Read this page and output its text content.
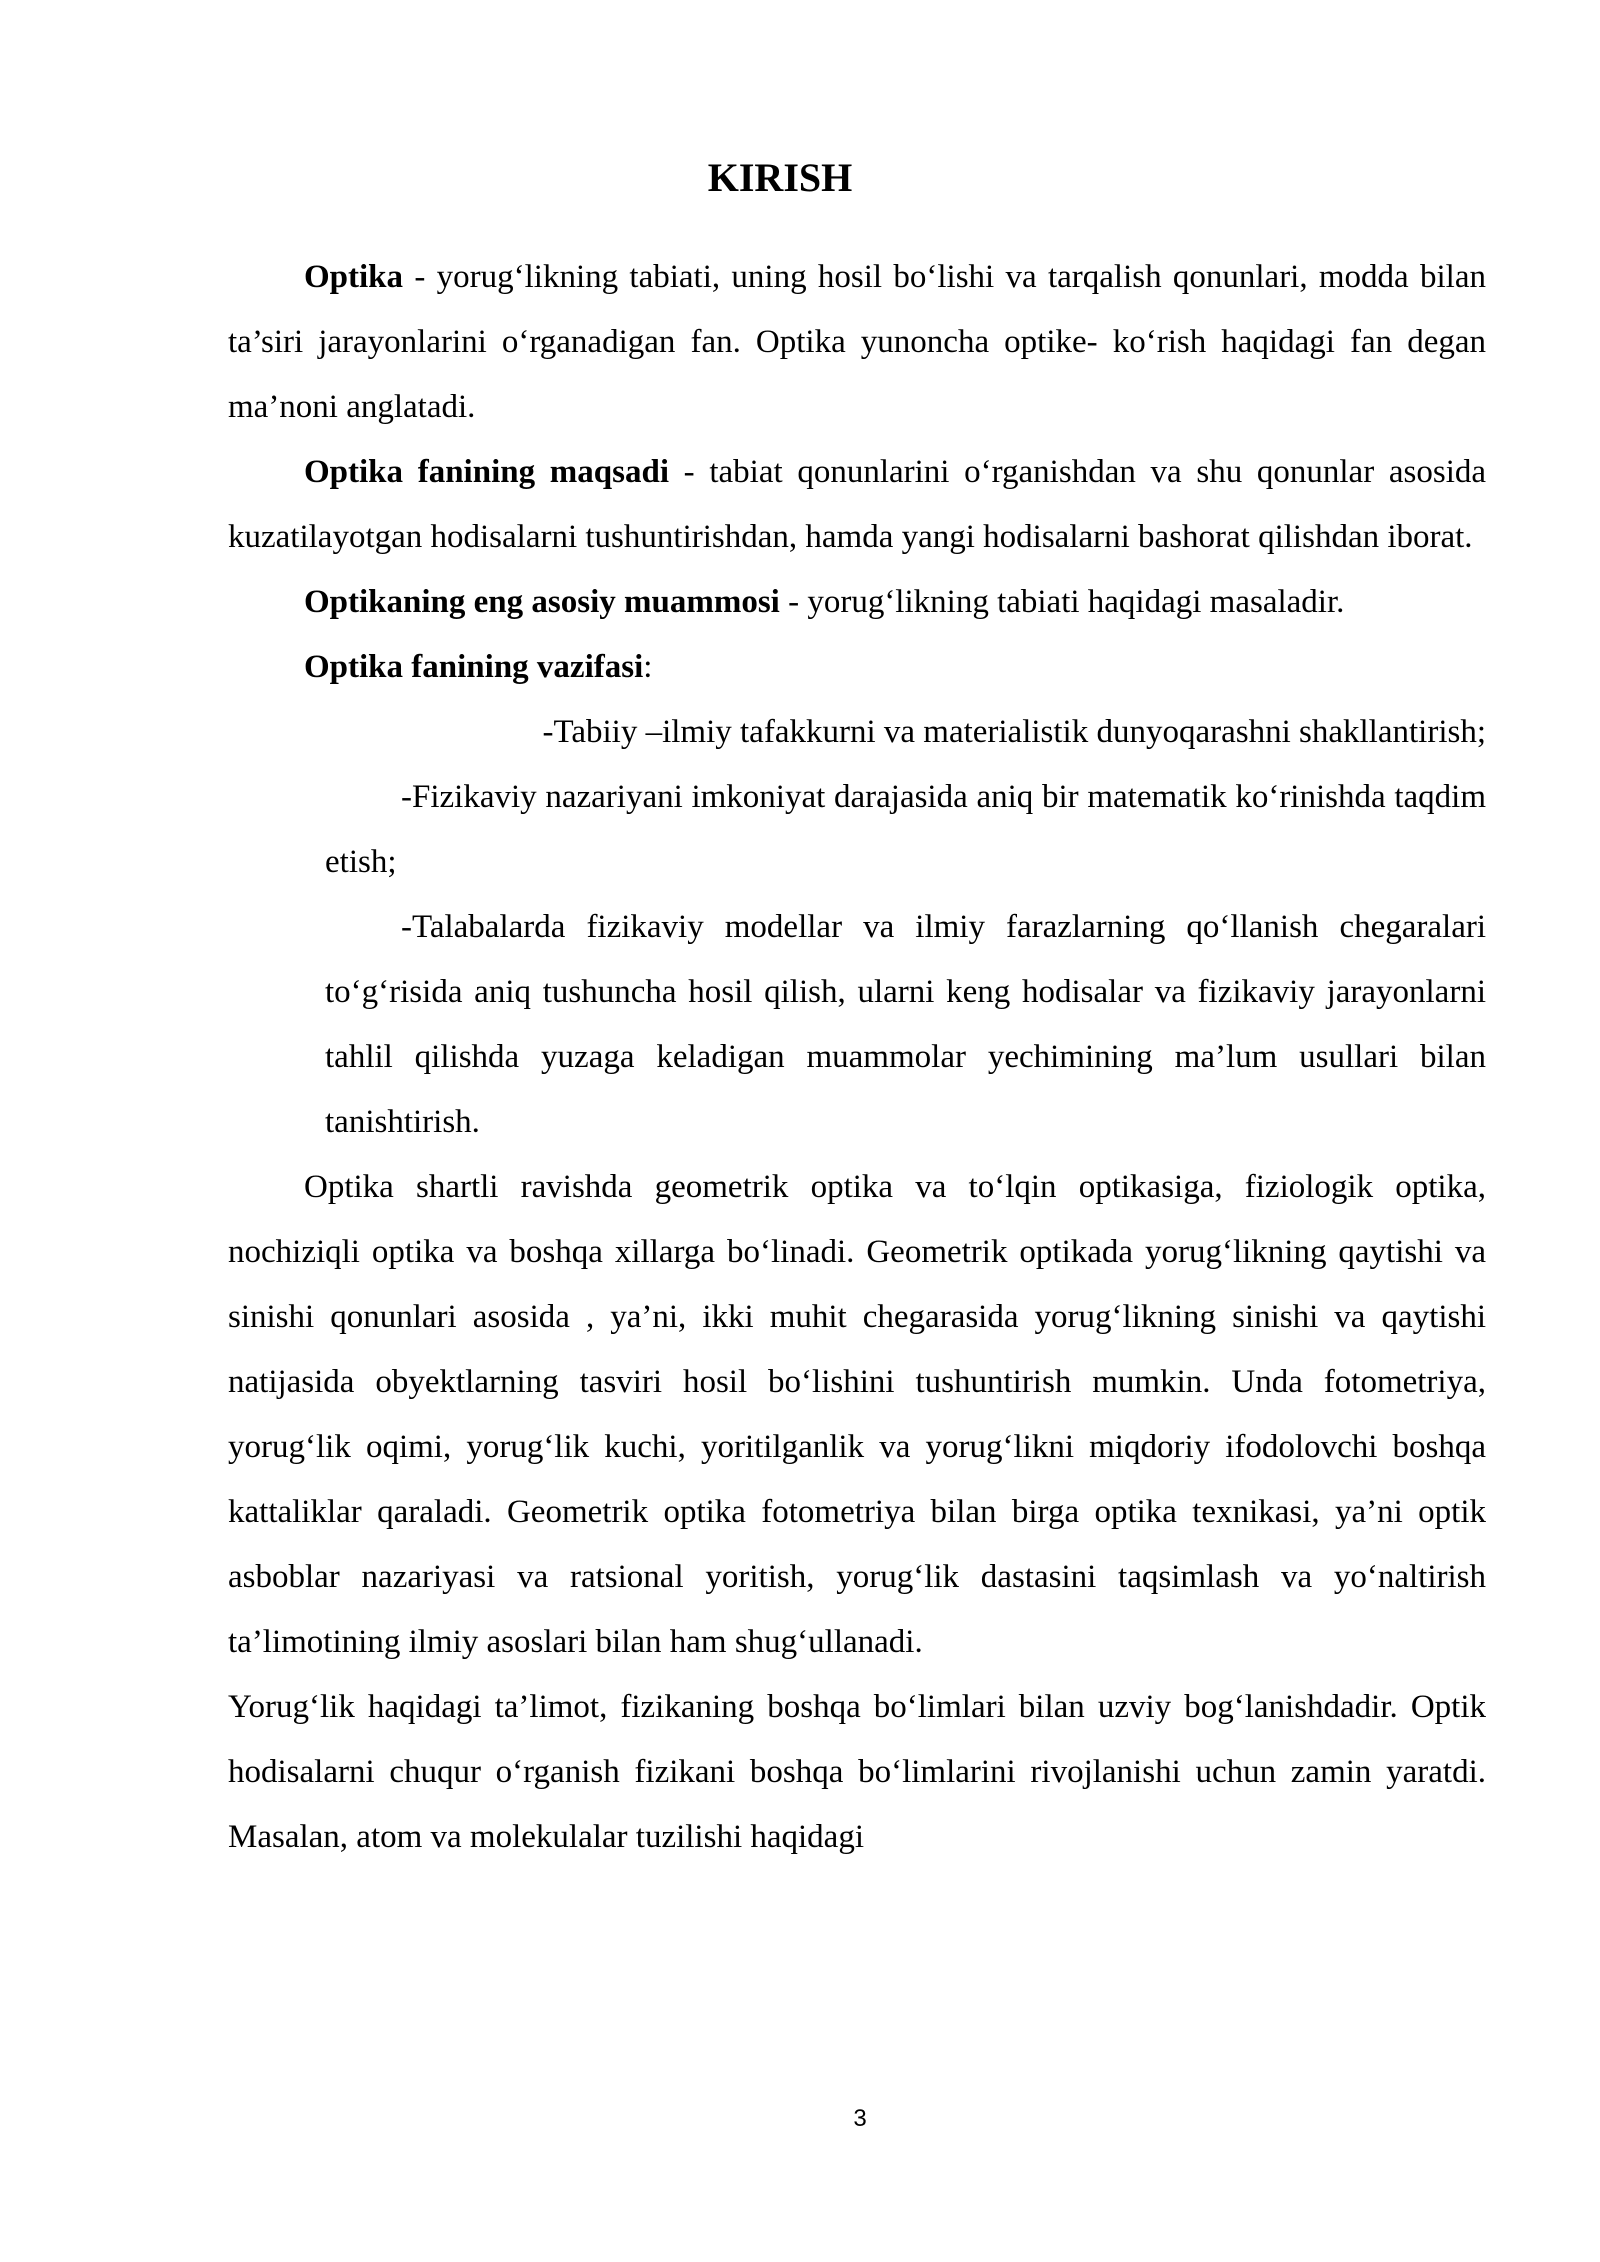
KIRISH

Optika - yorug‘likning tabiati, uning hosil bo‘lishi va tarqalish qonunlari, modda bilan ta’siri jarayonlarini o‘rganadigan fan. Optika yunoncha optike- ko‘rish haqidagi fan degan ma’noni anglatadi.

Optika fanining maqsadi - tabiat qonunlarini o‘rganishdan va shu qonunlar asosida kuzatilayotgan hodisalarni tushuntirishdan, hamda yangi hodisalarni bashorat qilishdan iborat.

Optikaning eng asosiy muammosi - yorug‘likning tabiati haqidagi masaladir.

Optika fanining vazifasi:

-Tabiiy –ilmiy tafakkurni va materialistik dunyoqarashni shakllantirish;
-Fizikaviy nazariyani imkoniyat darajasida aniq bir matematik ko‘rinishda taqdim etish;
-Talabalarda fizikaviy modellar va ilmiy farazlarning qo‘llanish chegaralari to‘g‘risida aniq tushuncha hosil qilish, ularni keng hodisalar va fizikaviy jarayonlarni tahlil qilishda yuzaga keladigan muammolar yechimining ma’lum usullari bilan tanishtirish.

Optika shartli ravishda geometrik optika va to‘lqin optikasiga, fiziologik optika, nochiziqli optika va boshqa xillarga bo‘linadi. Geometrik optikada yorug‘likning qaytishi va sinishi qonunlari asosida , ya’ni, ikki muhit chegarasida yorug‘likning sinishi va qaytishi natijasida obyektlarning tasviri hosil bo‘lishini tushuntirish mumkin. Unda fotometriya, yorug‘lik oqimi, yorug‘lik kuchi, yoritilganlik va yorug‘likni miqdoriy ifodolovchi boshqa kattaliklar qaraladi. Geometrik optika fotometriya bilan birga optika texnikasi, ya’ni optik asboblar nazariyasi va ratsional yoritish, yorug‘lik dastasini taqsimlash va yo‘naltirish ta’limotining ilmiy asoslari bilan ham shug‘ullanadi.

Yorug‘lik haqidagi ta’limot, fizikaning boshqa bo‘limlari bilan uzviy bog‘lanishdadir. Optik hodisalarni chuqur o‘rganish fizikani boshqa bo‘limlarini rivojlanishi uchun zamin yaratdi. Masalan, atom va molekulalar tuzilishi haqidagi

3
